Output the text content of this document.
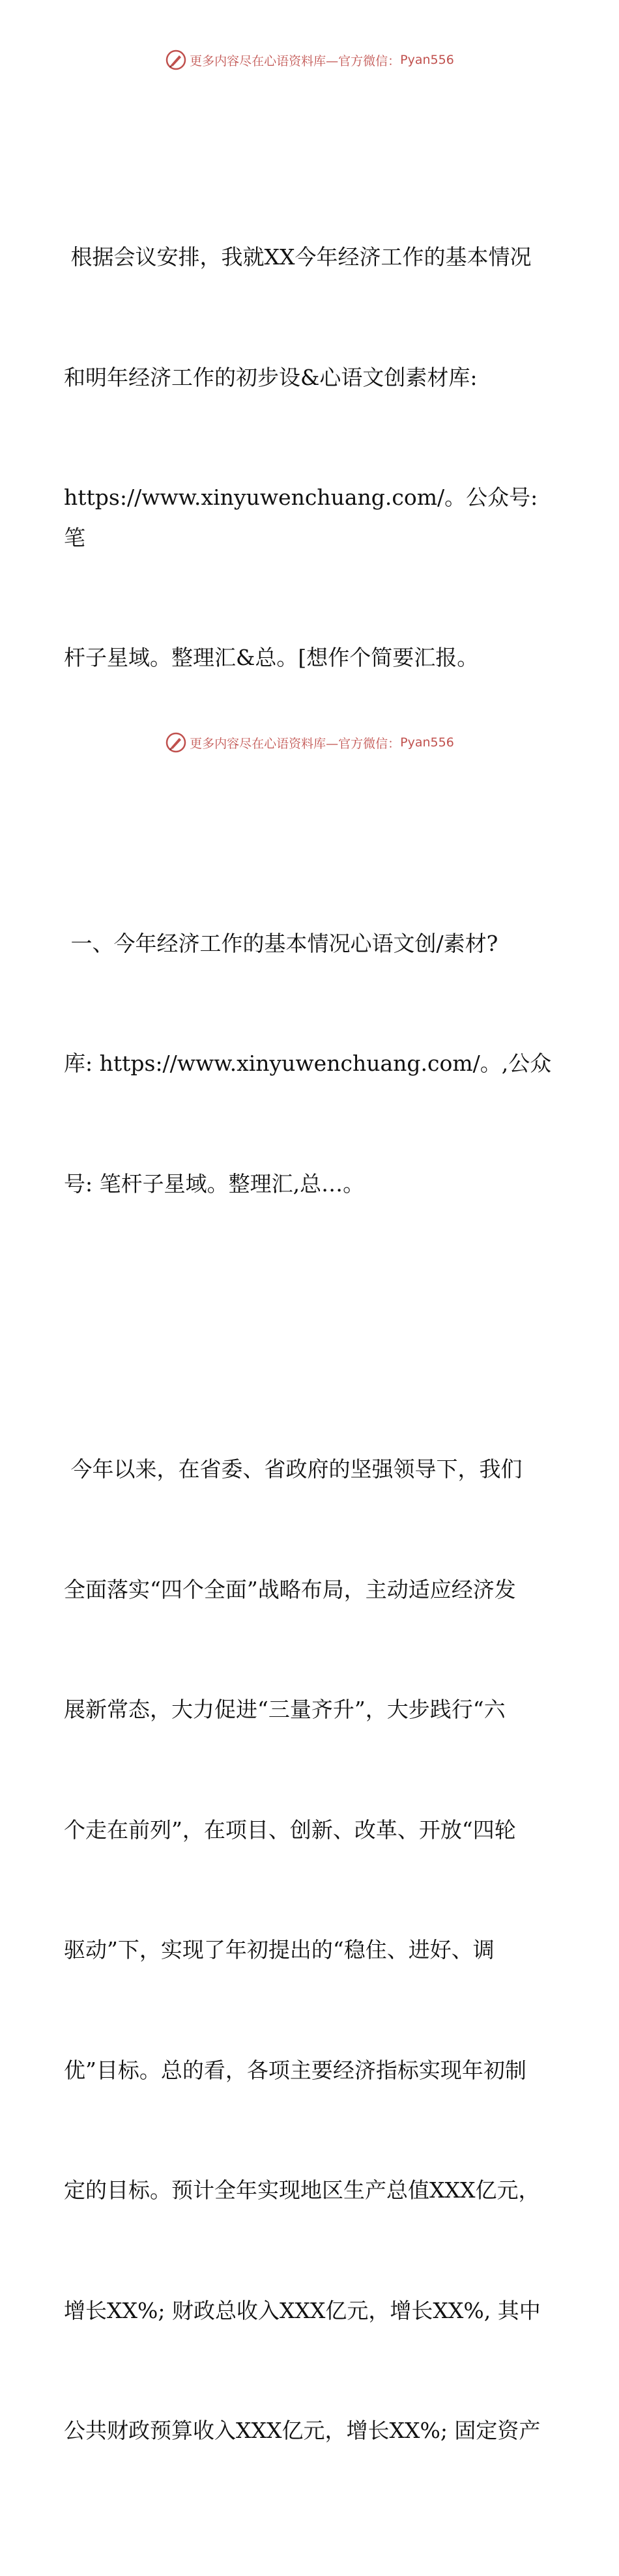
更多内容尽在心语资料库—官方微信： Pyan556

根据会议安排，我就XX今年经济工作的基本情况

和明年经济工作的初步设&心语文创素材库:

https://www.xinyuwenchuang.com/。公众号: 笔

杆子星域。整理汇&总。[想作个简要汇报。

一、今年经济工作的基本情况心语文创/素材?

库: https://www.xinyuwenchuang.com/。,公众

号: 笔杆子星域。整理汇,总…。

今年以来，在省委、省政府的坚强领导下，我们

全面落实“四个全面”战略布局，主动适应经济发

展新常态，大力促进“三量齐升”，大步践行“六

个走在前列”，在项目、创新、改革、开放“四轮

驱动”下，实现了年初提出的“稳住、进好、调

优”目标。总的看，各项主要经济指标实现年初制

定的目标。预计全年实现地区生产总值XXX亿元，

增长XX%; 财政总收入XXX亿元，增长XX%, 其中

公共财政预算收入XXX亿元，增长XX%; 固定资产

更多内容尽在心语资料库—官方微信： Pyan556
